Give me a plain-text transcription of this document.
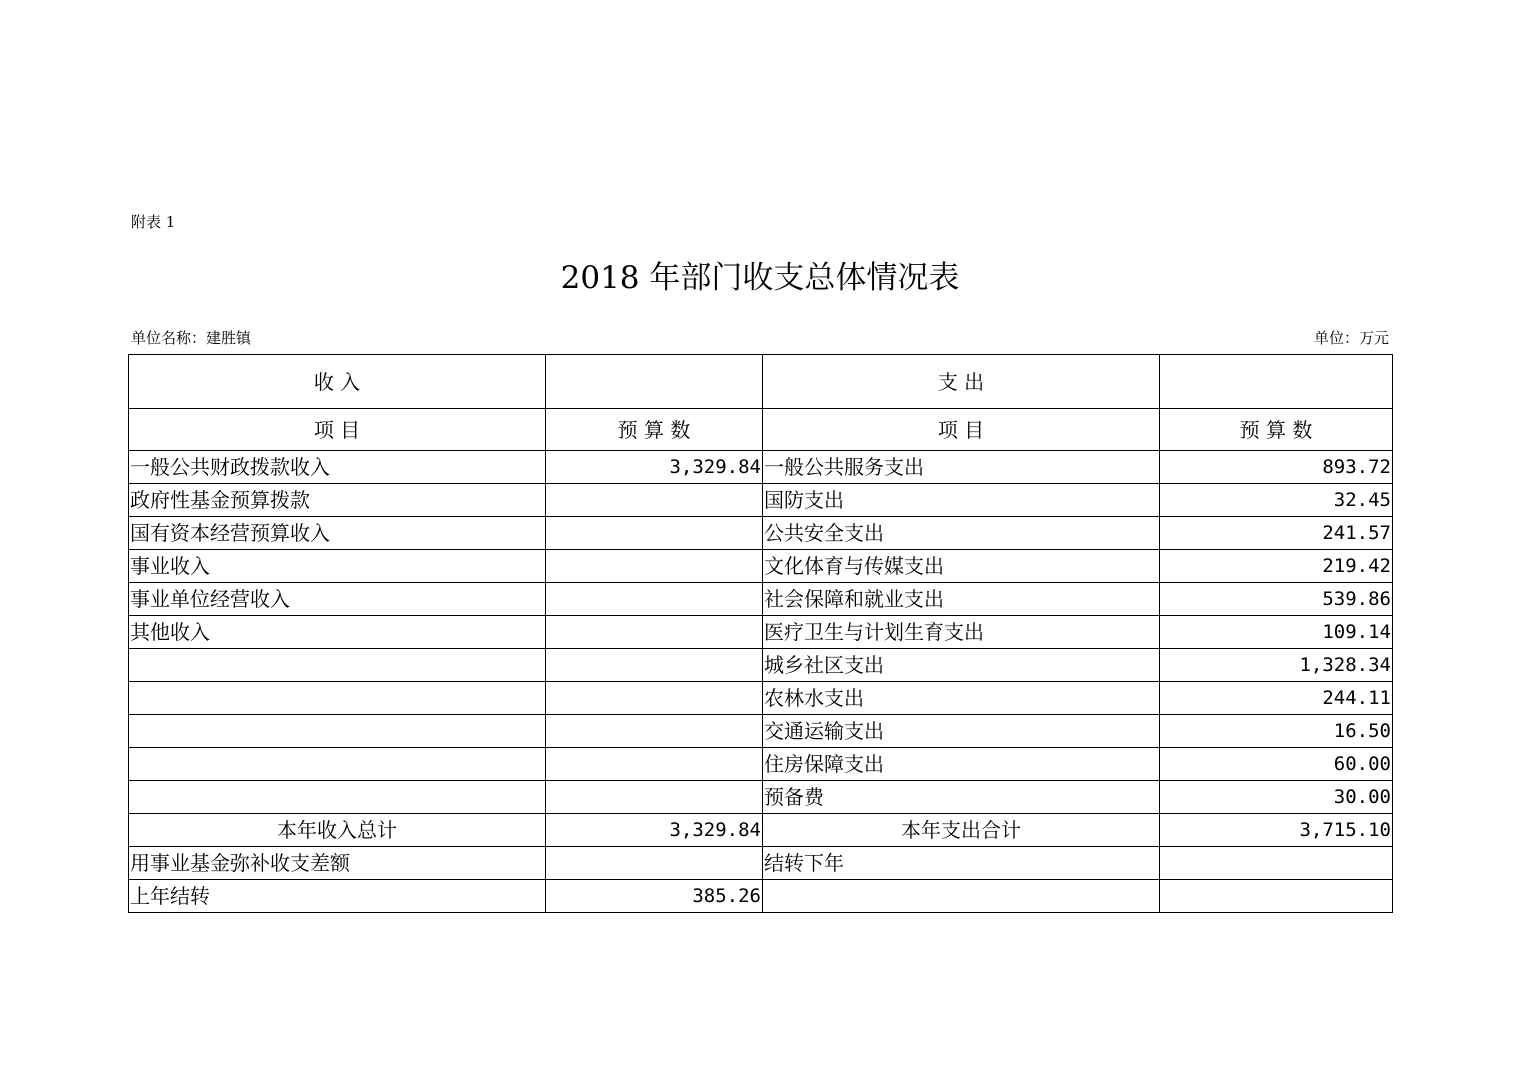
附表 1
2018 年部门收支总体情况表
单位名称：建胜镇	单位：万元
收 入		支 出	
项 目	预 算 数	项 目	预 算 数
一般公共财政拨款收入	3,329.84	一般公共服务支出	893.72
政府性基金预算拨款		国防支出	32.45
国有资本经营预算收入		公共安全支出	241.57
事业收入		文化体育与传媒支出	219.42
事业单位经营收入		社会保障和就业支出	539.86
其他收入		医疗卫生与计划生育支出	109.14
		城乡社区支出	1,328.34
		农林水支出	244.11
		交通运输支出	16.50
		住房保障支出	60.00
		预备费	30.00
本年收入总计	3,329.84	本年支出合计	3,715.10
用事业基金弥补收支差额		结转下年	
上年结转	385.26		
